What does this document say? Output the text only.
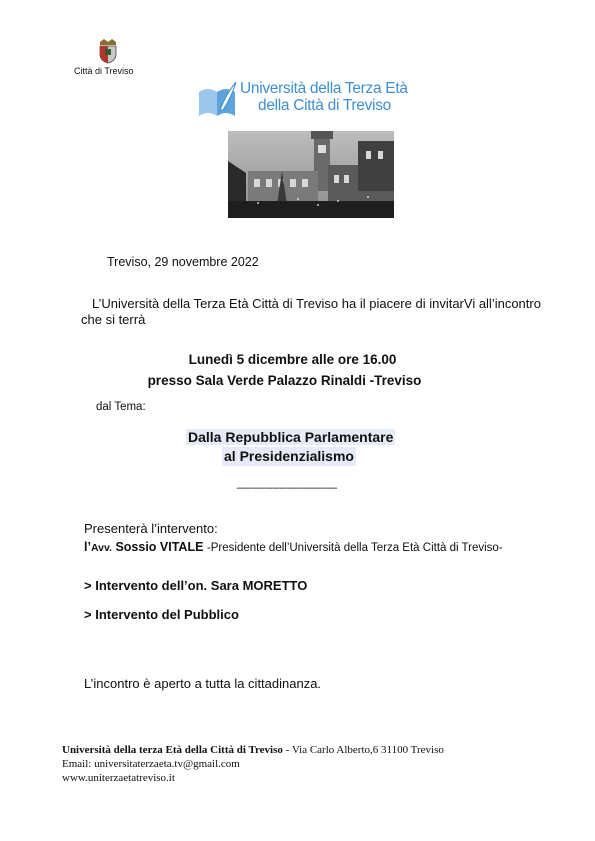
Città di Treviso
Università della Terza Età
della Città di Treviso
Treviso, 29 novembre 2022
L’Università della Terza Età Città di Treviso ha il piacere di invitarVi all’incontro che si terrà
Lunedì 5 dicembre alle ore 16.00
presso Sala Verde Palazzo Rinaldi -Treviso
dal Tema:
Dalla Repubblica Parlamentare
al Presidenzialismo
______________
Presenterà l’intervento:
l’Avv. Sossio VITALE -Presidente dell’Università della Terza Età Città di Treviso-
> Intervento dell’on. Sara MORETTO
> Intervento del Pubblico
L’incontro è aperto a tutta la cittadinanza.
Università della terza Età della Città di Treviso - Via Carlo Alberto,6 31100 Treviso
Email: universitaterzaeta.tv@gmail.com
www.uniterzaetatreviso.it
